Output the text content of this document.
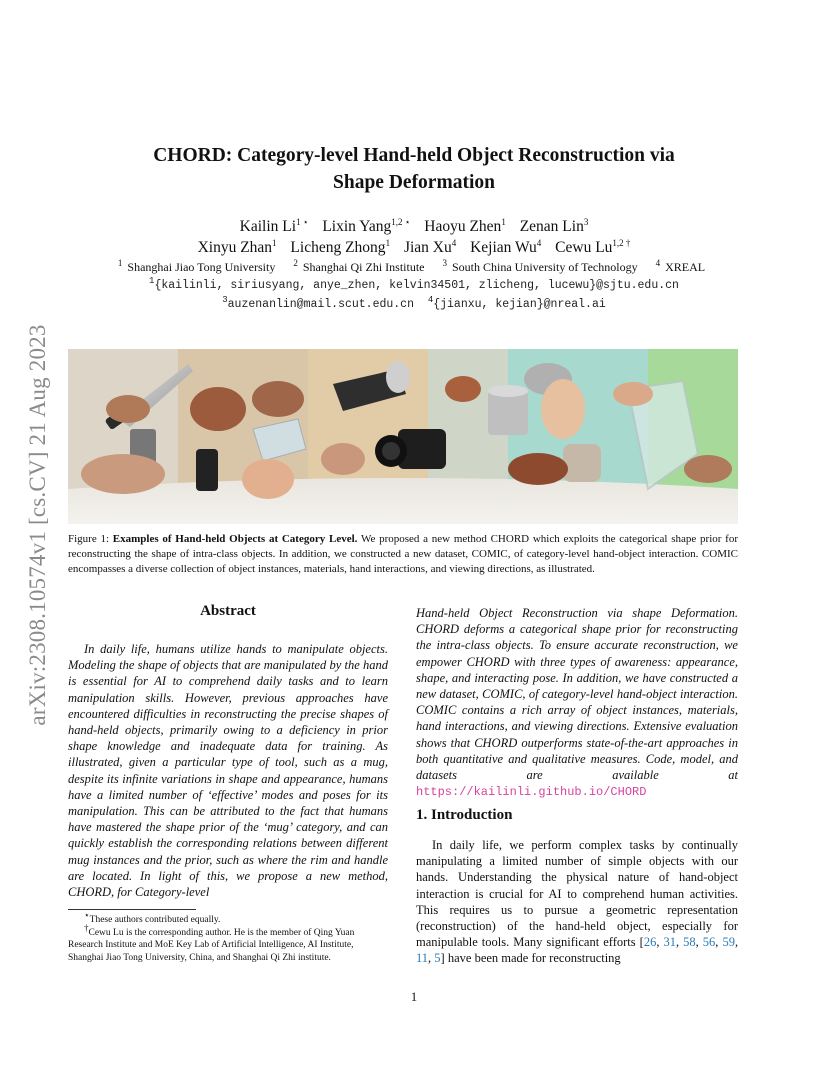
arXiv:2308.10574v1 [cs.CV] 21 Aug 2023
CHORD: Category-level Hand-held Object Reconstruction via
Shape Deformation
Kailin $Li^{1 ⋆}$ Lixin Yang$^{1,2 ⋆}$ Haoyu Zhen$^1$ Zenan Lin$^3$
Xinyu Zhan$^1$ Licheng Zhong$^1$ Jian Xu$^4$ Kejian Wu$^4$ Cewu $Lu^{1,2 \dagger}$
$^1$ Shanghai Jiao Tong University $^2$ Shanghai Qi Zhi Institute $^3$ South China University of Technology $^4$ XREAL
$^1${kailinli, siriusyang, anye_zhen, kelvin34501, zlicheng, lucewu}@sjtu.edu.cn
$^3$auzenanlin@mail.scut.edu.cn $^4${jianxu, kejian}@nreal.ai
Figure 1: Examples of Hand-held Objects at Category Level. We proposed a new method CHORD which exploits the categorical shape prior for reconstructing the shape of intra-class objects. In addition, we constructed a new dataset, COMIC, of category-level hand-object interaction. COMIC encompasses a diverse collection of object instances, materials, hand interactions, and viewing directions, as illustrated.
Abstract

In daily life, humans utilize hands to manipulate objects. Modeling the shape of objects that are manipulated by the hand is essential for AI to comprehend daily tasks and to learn manipulation skills. However, previous approaches have encountered difficulties in reconstructing the precise shapes of hand-held objects, primarily owing to a deficiency in prior shape knowledge and inadequate data for training. As illustrated, given a particular type of tool, such as a mug, despite its infinite variations in shape and appearance, humans have a limited number of ‘effective’ modes and poses for its manipulation. This can be attributed to the fact that humans have mastered the shape prior of the ‘mug’ category, and can quickly establish the corresponding relations between different mug instances and the prior, such as where the rim and handle are located. In light of this, we propose a new method, CHORD, for Category-level

⋆These authors contributed equally.

†Cewu Lu is the corresponding author. He is the member of Qing Yuan Research Institute and MoE Key Lab of Artificial Intelligence, AI Institute, Shanghai Jiao Tong University, China, and Shanghai Qi Zhi institute.

Hand-held Object Reconstruction via shape Deformation. CHORD deforms a categorical shape prior for reconstructing the intra-class objects. To ensure accurate reconstruction, we empower CHORD with three types of awareness: appearance, shape, and interacting pose. In addition, we have constructed a new dataset, COMIC, of category-level hand-object interaction. COMIC contains a rich array of object instances, materials, hand interactions, and viewing directions. Extensive evaluation shows that CHORD outperforms state-of-the-art approaches in both quantitative and qualitative measures. Code, model, and datasets are available at https://kailinli.github.io/CHORD

1. Introduction

In daily life, we perform complex tasks by continually manipulating a limited number of simple objects with our hands. Understanding the physical nature of hand-object interaction is crucial for AI to comprehend human activities. This requires us to pursue a geometric representation (reconstruction) of the hand-held object, especially for manipulable tools. Many significant efforts [26, 31, 58, 56, 59, 11, 5] have been made for reconstructing

1
